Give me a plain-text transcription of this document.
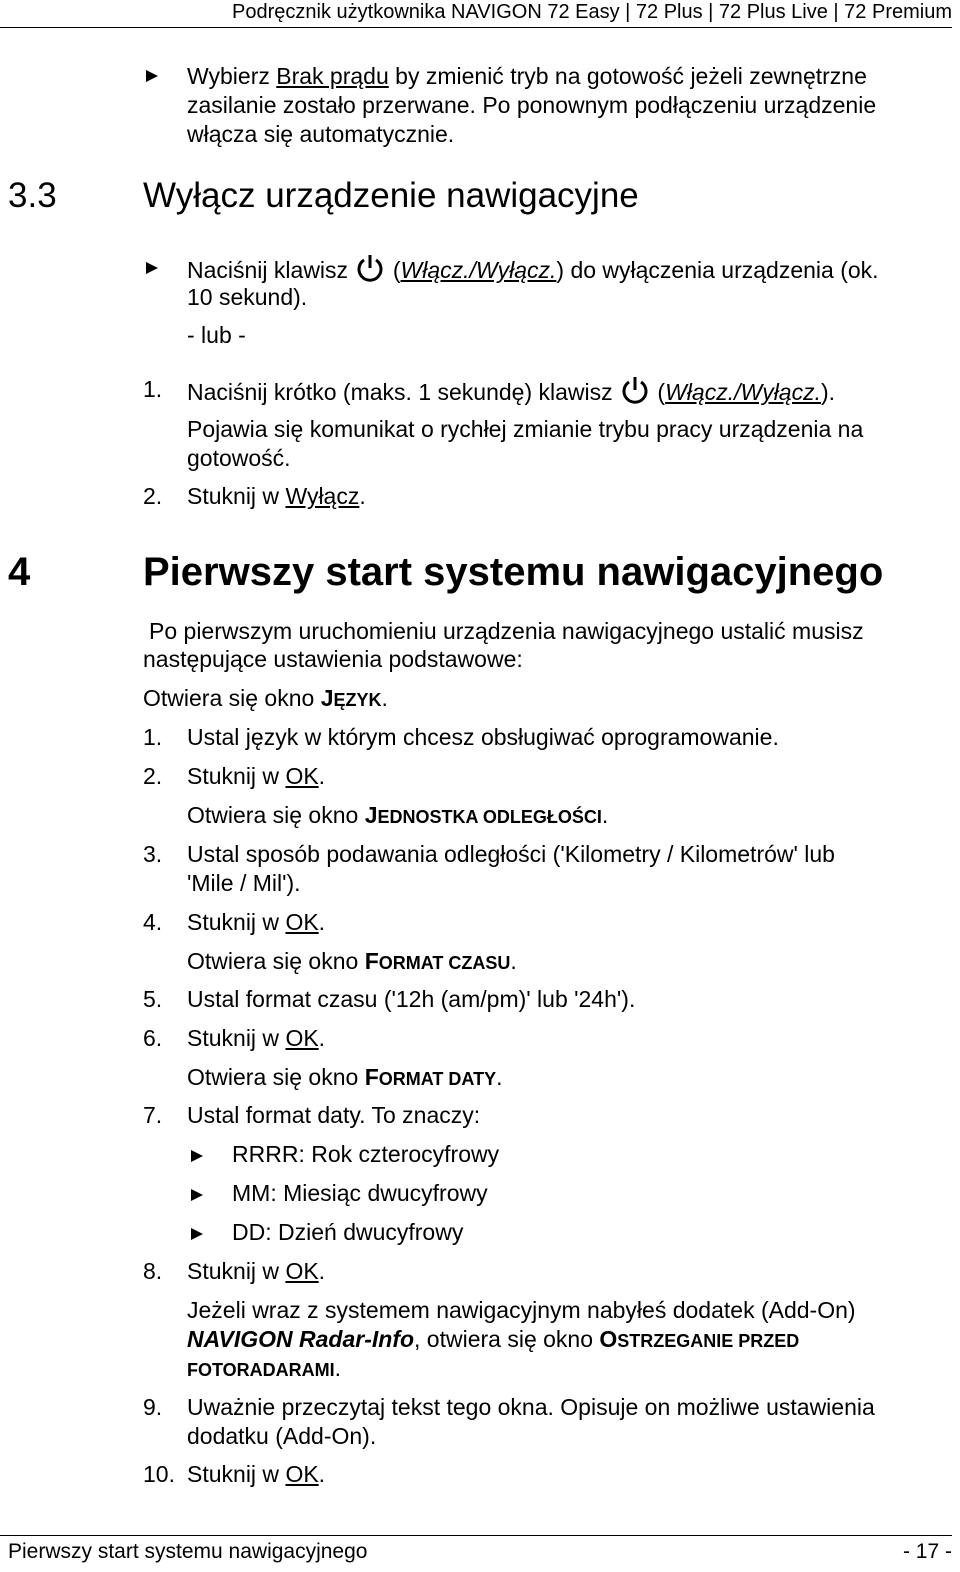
Podręcznik użytkownika NAVIGON 72 Easy | 72 Plus | 72 Plus Live | 72 Premium
Wybierz Brak prądu by zmienić tryb na gotowość jeżeli zewnętrzne
zasilanie zostało przerwane. Po ponownym podłączeniu urządzenie
włącza się automatycznie.
3.3 Wyłącz urządzenie nawigacyjne
Naciśnij klawisz  (Włącz./Wyłącz.) do wyłączenia urządzenia (ok.
10 sekund).
- lub -
1. Naciśnij krótko (maks. 1 sekundę) klawisz  (Włącz./Wyłącz.).
Pojawia się komunikat o rychłej zmianie trybu pracy urządzenia na
gotowość.
2. Stuknij w Wyłącz.
4	Pierwszy start systemu nawigacyjnego
Po pierwszym uruchomieniu urządzenia nawigacyjnego ustalić musisz
następujące ustawienia podstawowe:
Otwiera się okno JĘZYK.
1. Ustal język w którym chcesz obsługiwać oprogramowanie.
2. Stuknij w OK.
Otwiera się okno JEDNOSTKA ODLEGŁOŚCI.
3. Ustal sposób podawania odległości ('Kilometry / Kilometrów' lub
'Mile / Mil').
4. Stuknij w OK.
Otwiera się okno FORMAT CZASU.
5. Ustal format czasu ('12h (am/pm)' lub '24h').
6. Stuknij w OK.
Otwiera się okno FORMAT DATY.
7. Ustal format daty. To znaczy:
RRRR: Rok czterocyfrowy
MM: Miesiąc dwucyfrowy
DD: Dzień dwucyfrowy
8. Stuknij w OK.
Jeżeli wraz z systemem nawigacyjnym nabyłeś dodatek (Add-On)
NAVIGON Radar-Info, otwiera się okno OSTRZEGANIE PRZED
FOTORADARAMI.
9. Uważnie przeczytaj tekst tego okna. Opisuje on możliwe ustawienia
dodatku (Add-On).
10. Stuknij w OK.
Pierwszy start systemu nawigacyjnego	- 17 -
